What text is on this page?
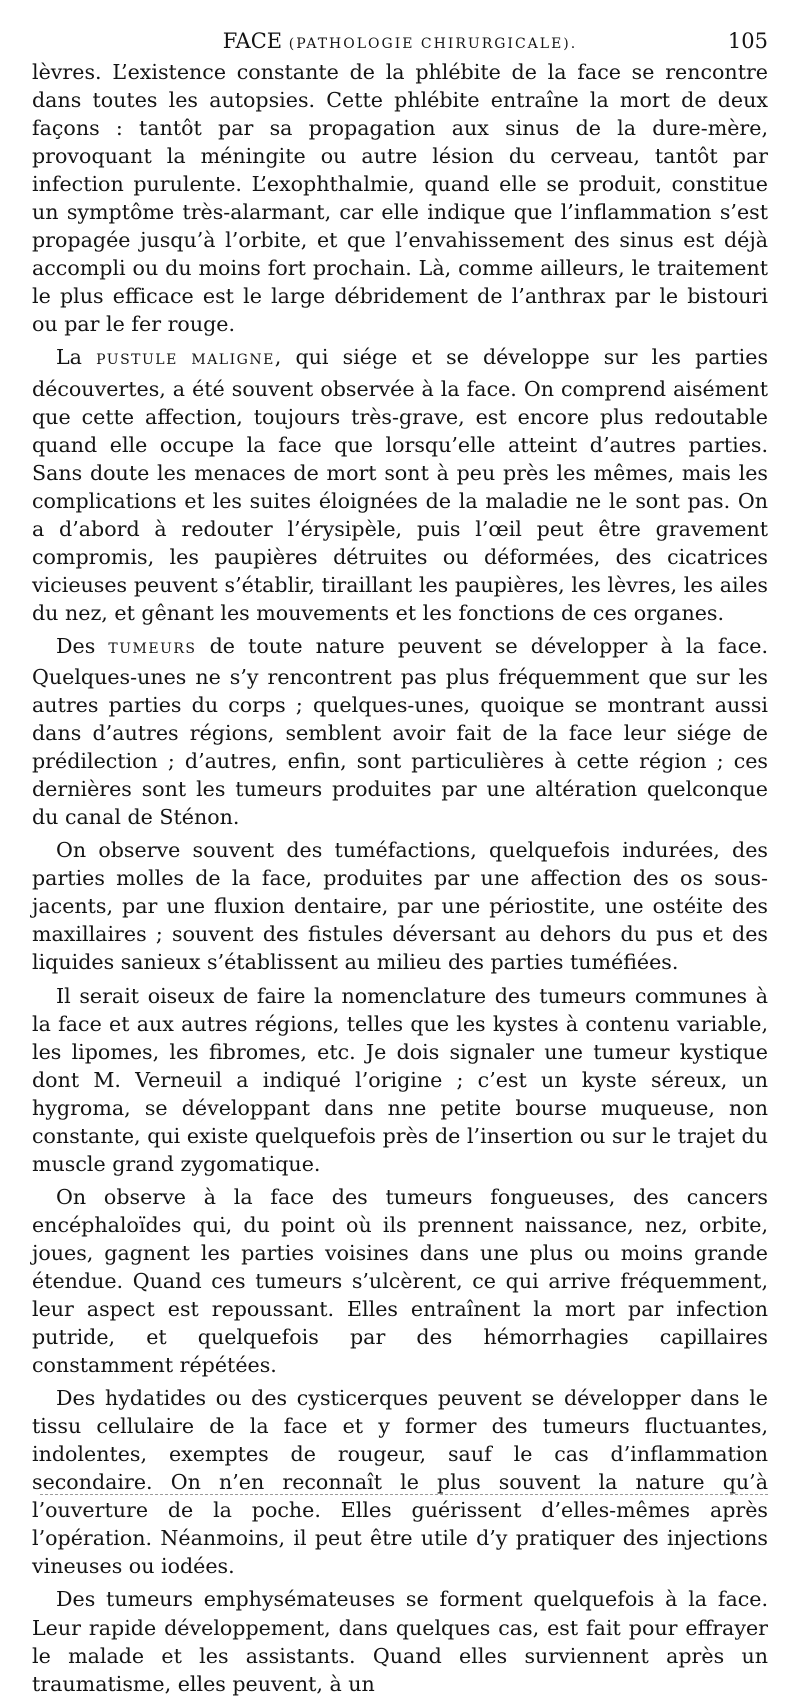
FACE (PATHOLOGIE CHIRURGICALE).	105

lèvres. L’existence constante de la phlébite de la face se rencontre dans toutes les autopsies. Cette phlébite entraîne la mort de deux façons : tantôt par sa propagation aux sinus de la dure-mère, provoquant la méningite ou autre lésion du cerveau, tantôt par infection purulente. L’exophthalmie, quand elle se produit, constitue un symptôme très-alarmant, car elle indique que l’inflammation s’est propagée jusqu’à l’orbite, et que l’envahissement des sinus est déjà accompli ou du moins fort prochain. Là, comme ailleurs, le traitement le plus efficace est le large débridement de l’anthrax par le bistouri ou par le fer rouge.

La PUSTULE MALIGNE, qui siége et se développe sur les parties découvertes, a été souvent observée à la face. On comprend aisément que cette affection, toujours très-grave, est encore plus redoutable quand elle occupe la face que lorsqu’elle atteint d’autres parties. Sans doute les menaces de mort sont à peu près les mêmes, mais les complications et les suites éloignées de la maladie ne le sont pas. On a d’abord à redouter l’érysipèle, puis l’œil peut être gravement compromis, les paupières détruites ou déformées, des cicatrices vicieuses peuvent s’établir, tiraillant les paupières, les lèvres, les ailes du nez, et gênant les mouvements et les fonctions de ces organes.

Des TUMEURS de toute nature peuvent se développer à la face. Quelques-unes ne s’y rencontrent pas plus fréquemment que sur les autres parties du corps ; quelques-unes, quoique se montrant aussi dans d’autres régions, semblent avoir fait de la face leur siége de prédilection ; d’autres, enfin, sont particulières à cette région ; ces dernières sont les tumeurs produites par une altération quelconque du canal de Sténon.

On observe souvent des tuméfactions, quelquefois indurées, des parties molles de la face, produites par une affection des os sous-jacents, par une fluxion dentaire, par une périostite, une ostéite des maxillaires ; souvent des fistules déversant au dehors du pus et des liquides sanieux s’établissent au milieu des parties tuméfiées.

Il serait oiseux de faire la nomenclature des tumeurs communes à la face et aux autres régions, telles que les kystes à contenu variable, les lipomes, les fibromes, etc. Je dois signaler une tumeur kystique dont M. Verneuil a indiqué l’origine ; c’est un kyste séreux, un hygroma, se développant dans nne petite bourse muqueuse, non constante, qui existe quelquefois près de l’insertion ou sur le trajet du muscle grand zygomatique.

On observe à la face des tumeurs fongueuses, des cancers encéphaloïdes qui, du point où ils prennent naissance, nez, orbite, joues, gagnent les parties voisines dans une plus ou moins grande étendue. Quand ces tumeurs s’ulcèrent, ce qui arrive fréquemment, leur aspect est repoussant. Elles entraînent la mort par infection putride, et quelquefois par des hémorrhagies capillaires constamment répétées.

Des hydatides ou des cysticerques peuvent se développer dans le tissu cellulaire de la face et y former des tumeurs fluctuantes, indolentes, exemptes de rougeur, sauf le cas d’inflammation secondaire. On n’en reconnaît le plus souvent la nature qu’à l’ouverture de la poche. Elles guérissent d’elles-mêmes après l’opération. Néanmoins, il peut être utile d’y pratiquer des injections vineuses ou iodées.

Des tumeurs emphysémateuses se forment quelquefois à la face. Leur rapide développement, dans quelques cas, est fait pour effrayer le malade et les assistants. Quand elles surviennent après un traumatisme, elles peuvent, à un
